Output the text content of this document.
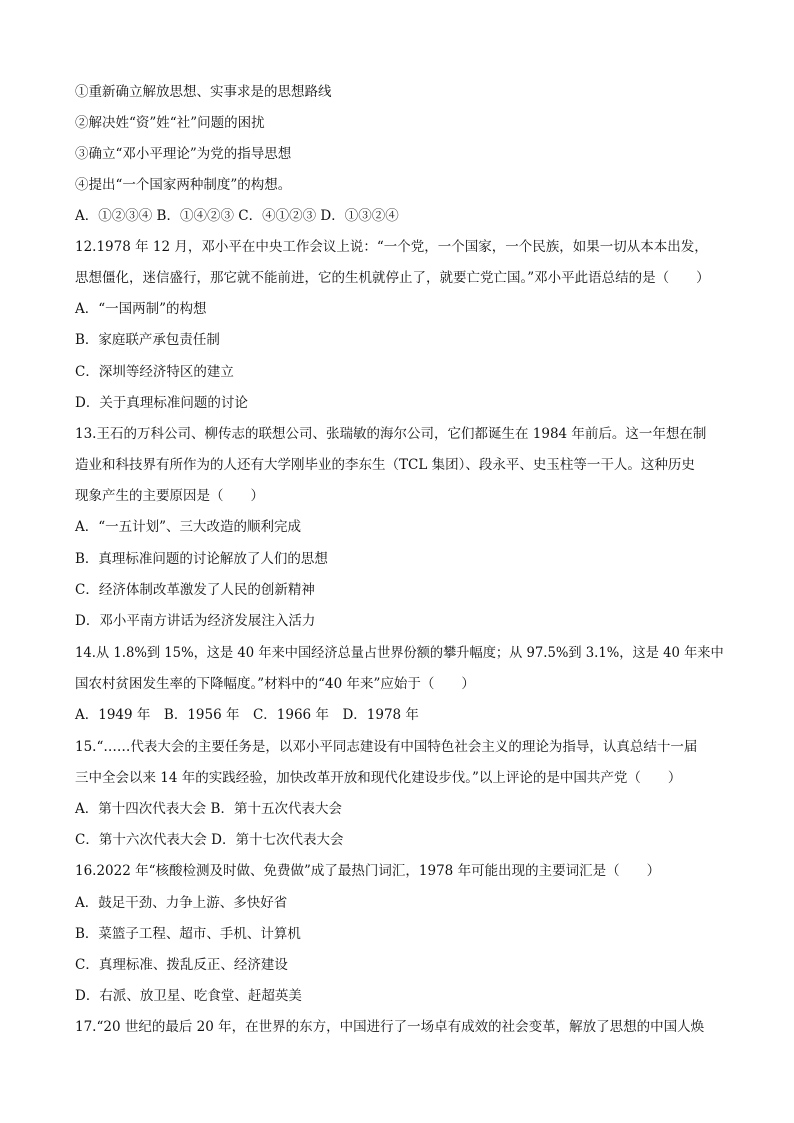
①重新确立解放思想、实事求是的思想路线
②解决姓“资”姓“社”问题的困扰
③确立“邓小平理论”为党的指导思想
④提出“一个国家两种制度”的构想。
A．①②③④ B．①④②③ C．④①②③ D．①③②④
12.1978 年 12 月，邓小平在中央工作会议上说：“一个党，一个国家，一个民族，如果一切从本本出发，
思想僵化，迷信盛行，那它就不能前进，它的生机就停止了，就要亡党亡国。”邓小平此语总结的是（　　）
A．“一国两制”的构想
B．家庭联产承包责任制
C．深圳等经济特区的建立
D．关于真理标准问题的讨论
13.王石的万科公司、柳传志的联想公司、张瑞敏的海尔公司，它们都诞生在 1984 年前后。这一年想在制
造业和科技界有所作为的人还有大学刚毕业的李东生（TCL 集团）、段永平、史玉柱等一干人。这种历史
现象产生的主要原因是（　　）
A．“一五计划”、三大改造的顺利完成
B．真理标准问题的讨论解放了人们的思想
C．经济体制改革激发了人民的创新精神
D．邓小平南方讲话为经济发展注入活力
14.从 1.8%到 15%，这是 40 年来中国经济总量占世界份额的攀升幅度；从 97.5%到 3.1%，这是 40 年来中
国农村贫困发生率的下降幅度。”材料中的“40 年来”应始于（　　）
A．1949 年　B．1956 年　C．1966 年　D．1978 年
15.“……代表大会的主要任务是，以邓小平同志建设有中国特色社会主义的理论为指导，认真总结十一届
三中全会以来 14 年的实践经验，加快改革开放和现代化建设步伐。”以上评论的是中国共产党（　　）
A．第十四次代表大会 B．第十五次代表大会
C．第十六次代表大会 D．第十七次代表大会
16.2022 年“核酸检测及时做、免费做”成了最热门词汇，1978 年可能出现的主要词汇是（　　）
A．鼓足干劲、力争上游、多快好省
B．菜篮子工程、超市、手机、计算机
C．真理标准、拨乱反正、经济建设
D．右派、放卫星、吃食堂、赶超英美
17.“20 世纪的最后 20 年，在世界的东方，中国进行了一场卓有成效的社会变革，解放了思想的中国人焕
